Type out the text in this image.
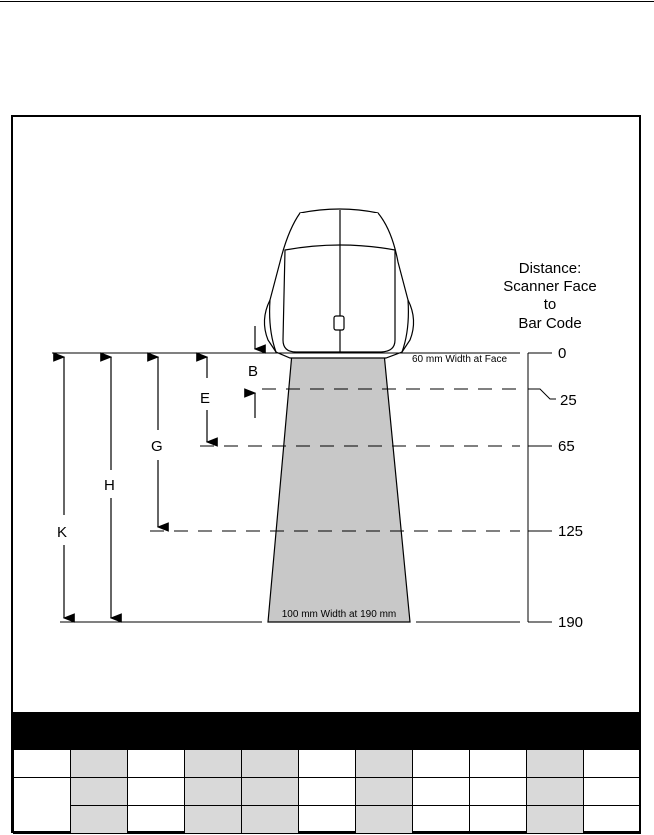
B
E
G
H
K
60 mm Width at Face
100 mm Width at 190 mm
Distance:
Scanner Face
to
Bar Code
0
25
65
125
190
